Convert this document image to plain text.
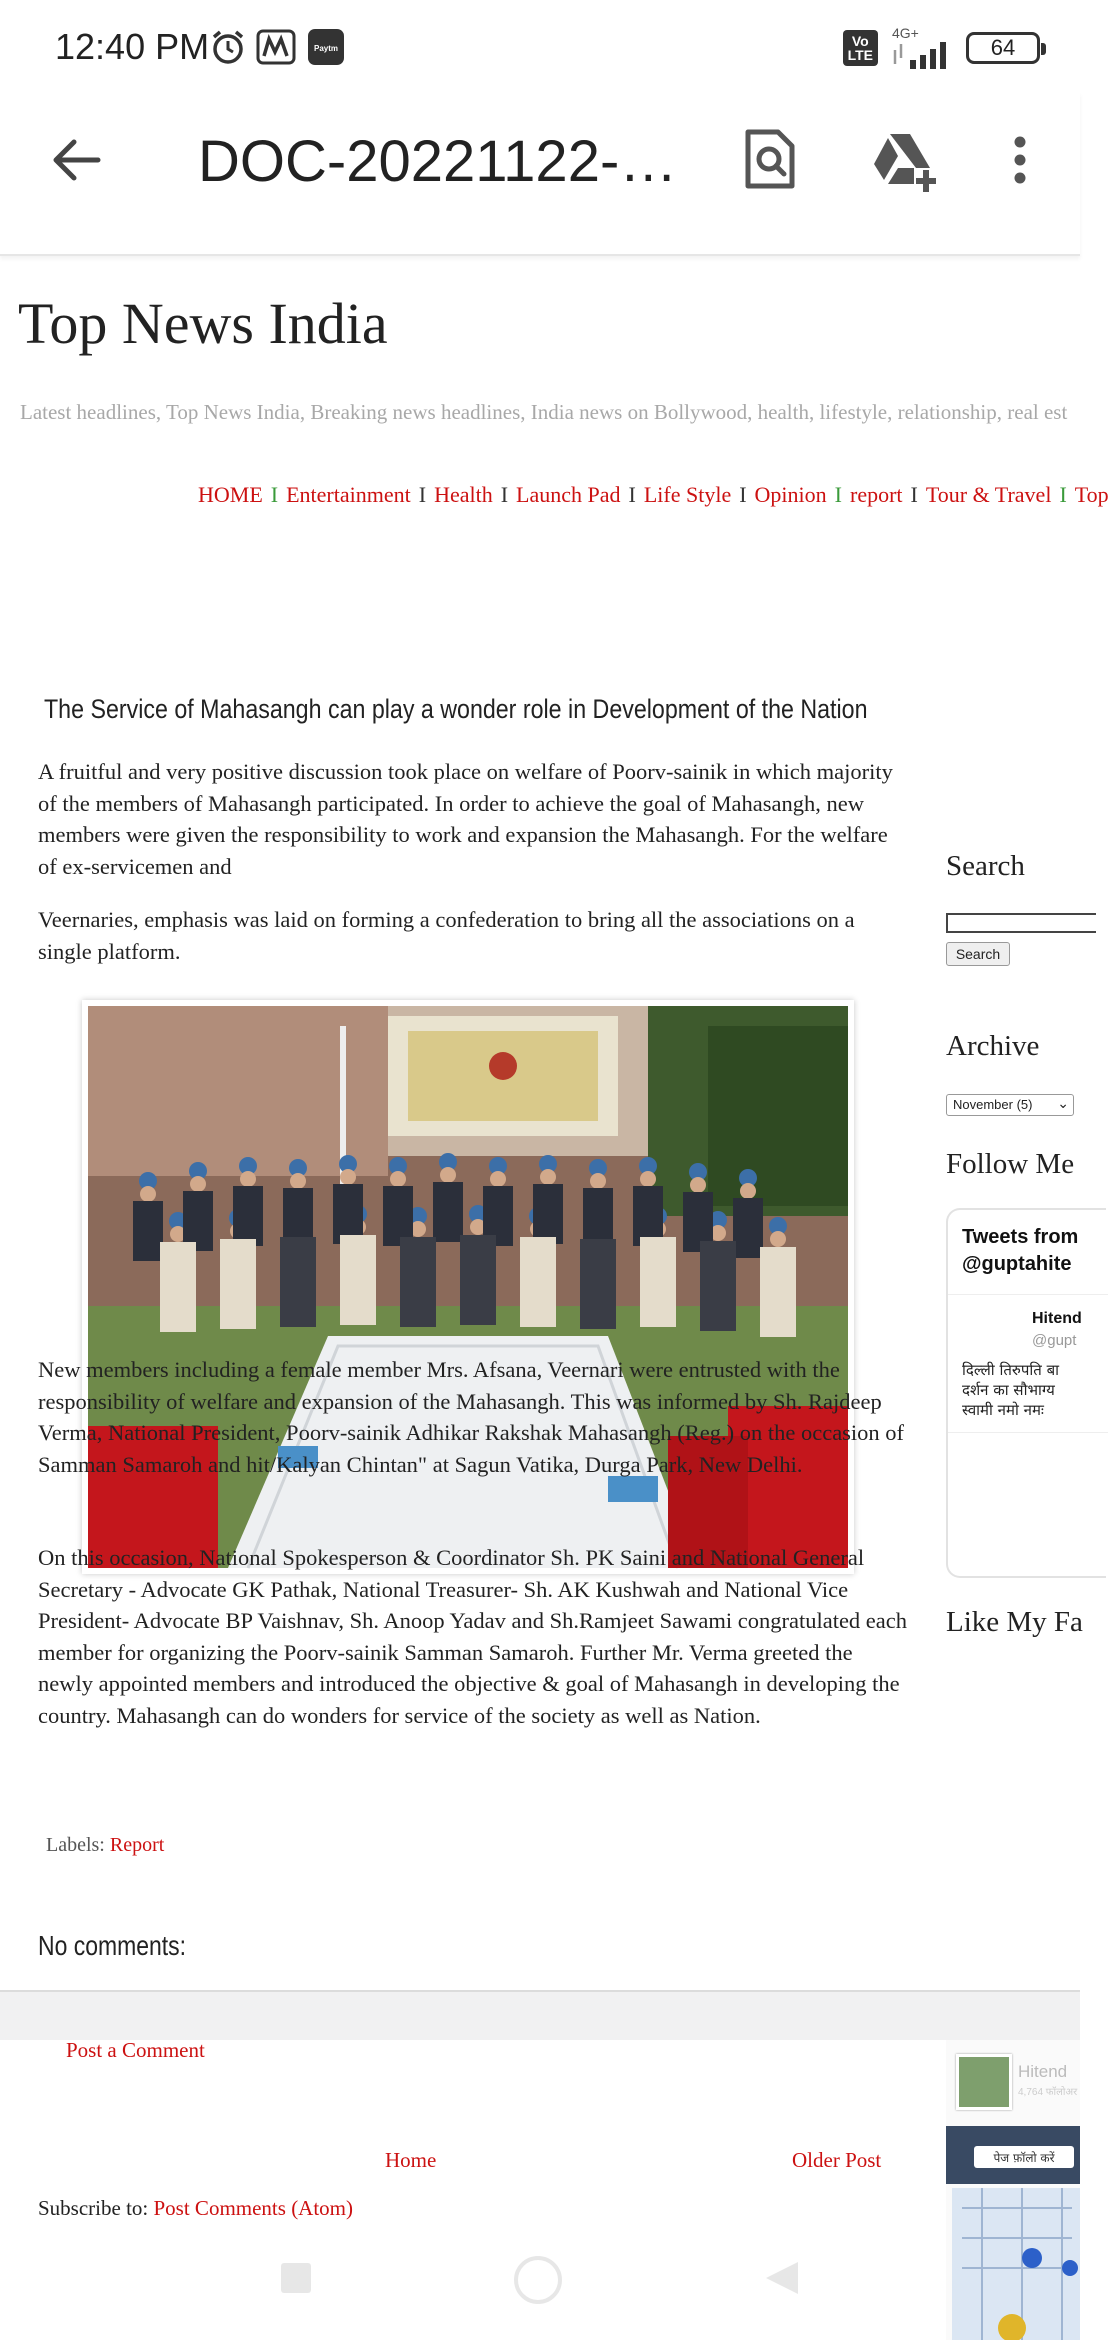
12:40 PM	Paytm	Vo
LTE
4G+
64
DOC-20221122-…
Top News India
Latest headlines, Top News India, Breaking news headlines, India news on Bollywood, health, lifestyle, relationship, real est
HOME I Entertainment I Health I Launch Pad I Life Style I Opinion I report I Tour & Travel I Top
The Service of Mahasangh can play a wonder role in Development of the Nation
A fruitful and very positive discussion took place on welfare of Poorv-sainik in which majority of the members of Mahasangh participated. In order to achieve the goal of Mahasangh, new members were given the responsibility to work and expansion the Mahasangh. For the welfare of ex-servicemen and
Veernaries, emphasis was laid on forming a confederation to bring all the associations on a single platform.
New members including a female member Mrs. Afsana, Veernari were entrusted with the responsibility of welfare and expansion of the Mahasangh. This was informed by Sh. Rajdeep Verma, National President, Poorv-sainik Adhikar Rakshak Mahasangh (Reg.) on the occasion of Samman Samaroh and hit/Kalyan Chintan" at Sagun Vatika, Durga Park, New Delhi.
On this occasion, National Spokesperson & Coordinator Sh. PK Saini and National General Secretary - Advocate GK Pathak, National Treasurer- Sh. AK Kushwah and National Vice President- Advocate BP Vaishnav, Sh. Anoop Yadav and Sh.Ramjeet Sawami congratulated each member for organizing the Poorv-sainik Samman Samaroh. Further Mr. Verma greeted the newly appointed members and introduced the objective & goal of Mahasangh in developing the country. Mahasangh can do wonders for service of the society as well as Nation.
Labels: Report
No comments:
Search
Search
Archive
November (5) ⌄
Follow Me
Tweets from
@guptahite
Hitend
@gupt
दिल्ली तिरुपति बा
दर्शन का सौभाग्य
स्वामी नमो नमः
Like My Fa
Post a Comment
Home	Older Post
Subscribe to: Post Comments (Atom)
Hitend
4,764 फॉलोअर
पेज फ़ॉलो करें
